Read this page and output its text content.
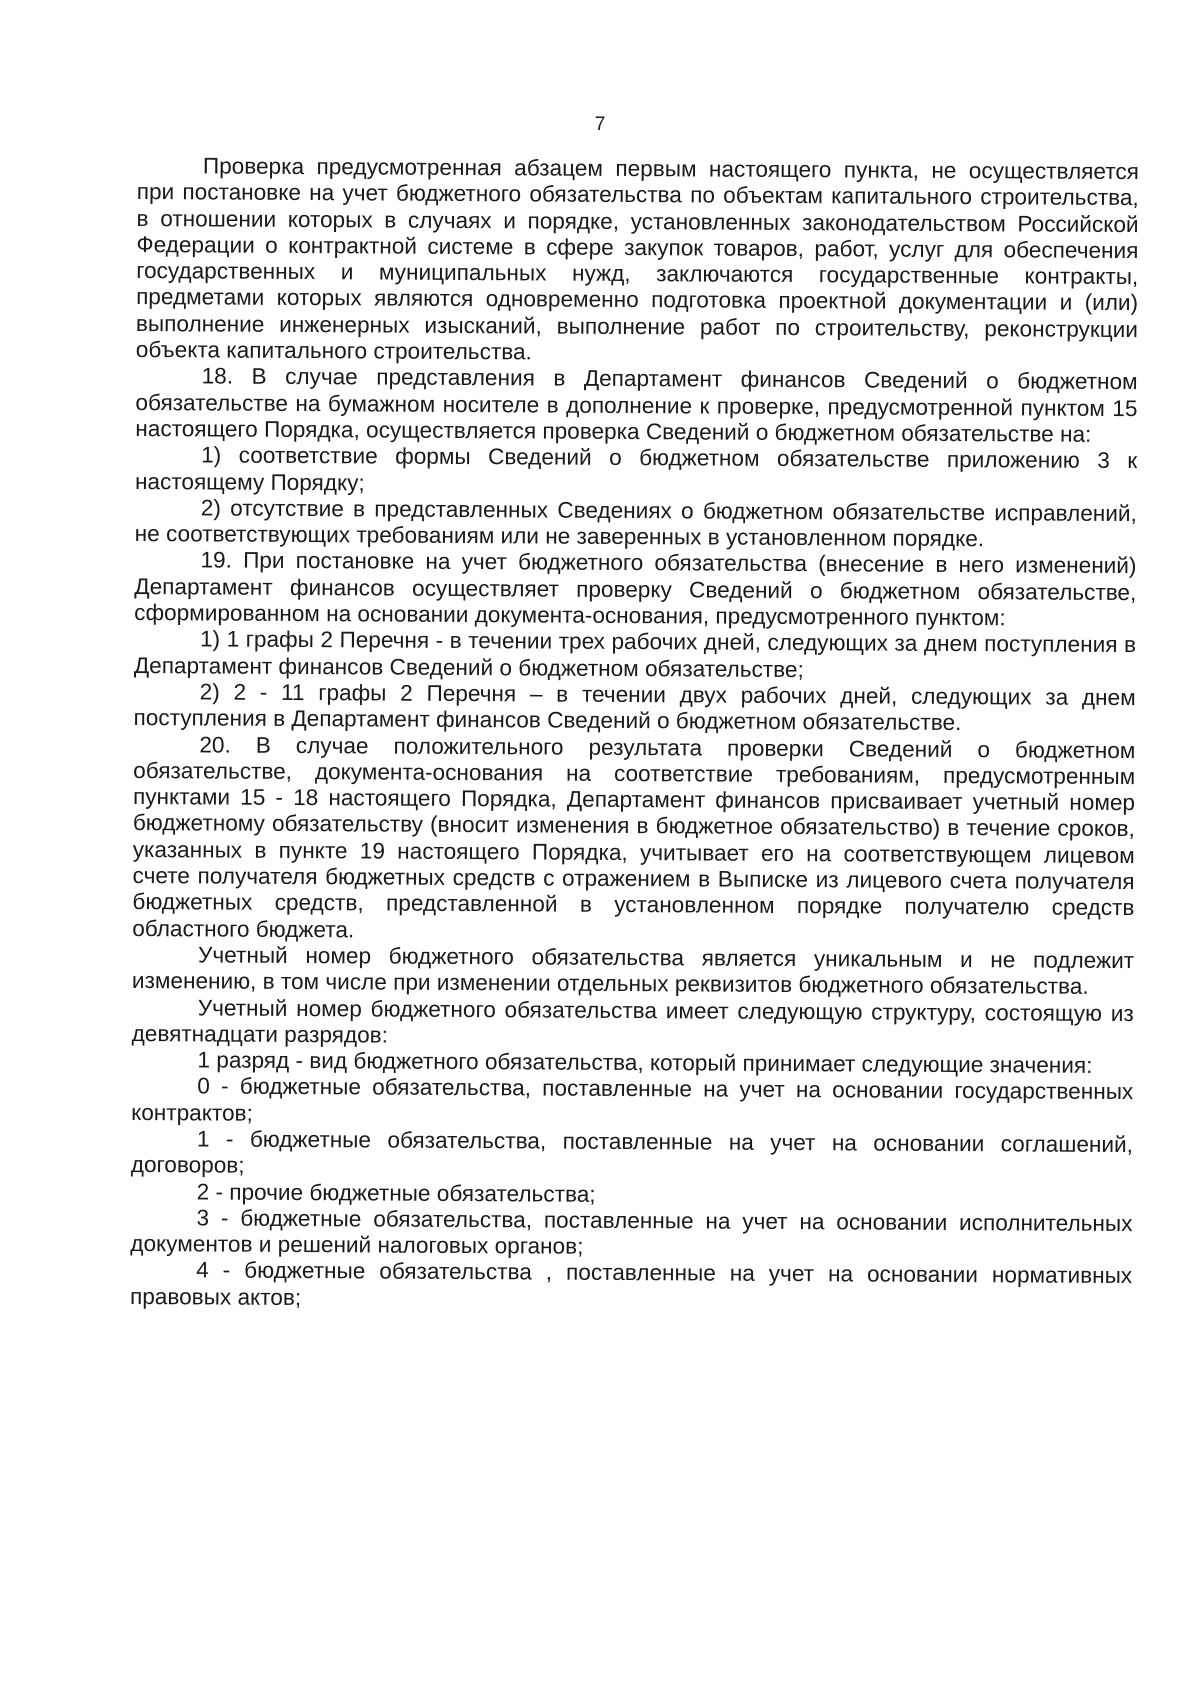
7

Проверка предусмотренная абзацем первым настоящего пункта, не осуществляется при постановке на учет бюджетного обязательства по объектам капитального строительства, в отношении которых в случаях и порядке, установленных законодательством Российской Федерации о контрактной системе в сфере закупок товаров, работ, услуг для обеспечения государственных и муниципальных нужд, заключаются государственные контракты, предметами которых являются одновременно подготовка проектной документации и (или) выполнение инженерных изысканий, выполнение работ по строительству, реконструкции объекта капитального строительства.

18. В случае представления в Департамент финансов Сведений о бюджетном обязательстве на бумажном носителе в дополнение к проверке, предусмотренной пунктом 15 настоящего Порядка, осуществляется проверка Сведений о бюджетном обязательстве на:

1) соответствие формы Сведений о бюджетном обязательстве приложению 3 к настоящему Порядку;

2) отсутствие в представленных Сведениях о бюджетном обязательстве исправлений, не соответствующих требованиям или не заверенных в установленном порядке.

19. При постановке на учет бюджетного обязательства (внесение в него изменений) Департамент финансов осуществляет проверку Сведений о бюджетном обязательстве, сформированном на основании документа-основания, предусмотренного пунктом:

1) 1 графы 2 Перечня - в течении трех рабочих дней, следующих за днем поступления в Департамент финансов Сведений о бюджетном обязательстве;

2) 2 - 11 графы 2 Перечня – в течении двух рабочих дней, следующих за днем поступления в Департамент финансов Сведений о бюджетном обязательстве.

20. В случае положительного результата проверки Сведений о бюджетном обязательстве, документа-основания на соответствие требованиям, предусмотренным пунктами 15 - 18 настоящего Порядка, Департамент финансов присваивает учетный номер бюджетному обязательству (вносит изменения в бюджетное обязательство) в течение сроков, указанных в пункте 19 настоящего Порядка, учитывает его на соответствующем лицевом счете получателя бюджетных средств с отражением в Выписке из лицевого счета получателя бюджетных средств, представленной в установленном порядке получателю средств областного бюджета.

Учетный номер бюджетного обязательства является уникальным и не подлежит изменению, в том числе при изменении отдельных реквизитов бюджетного обязательства.

Учетный номер бюджетного обязательства имеет следующую структуру, состоящую из девятнадцати разрядов:

1 разряд - вид бюджетного обязательства, который принимает следующие значения:

0 - бюджетные обязательства, поставленные на учет на основании государственных контрактов;

1 - бюджетные обязательства, поставленные на учет на основании соглашений, договоров;

2 - прочие бюджетные обязательства;

3 - бюджетные обязательства, поставленные на учет на основании исполнительных документов и решений налоговых органов;

4 - бюджетные обязательства , поставленные на учет на основании нормативных правовых актов;
